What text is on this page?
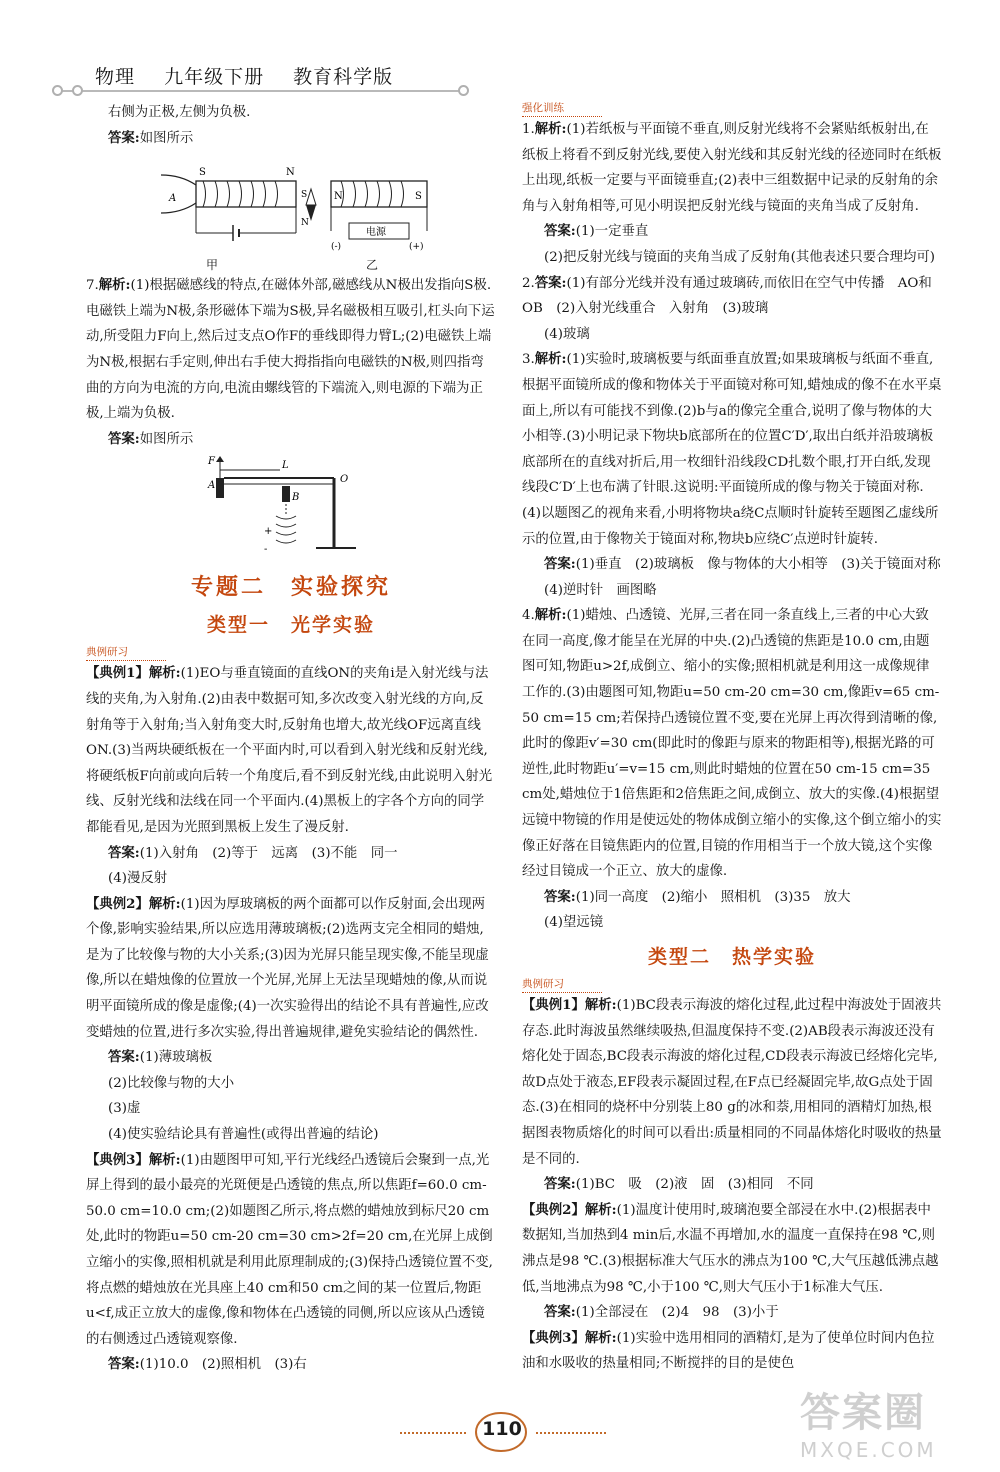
物理 九年级下册 教育科学版

右侧为正极,左侧为负极.

答案:如图所示

S	N
A	S
N
N	S
电源
(-)	(+)
甲	乙

7.解析:(1)根据磁感线的特点,在磁体外部,磁感线从N极出发指向S极.电磁铁上端为N极,条形磁体下端为S极,异名磁极相互吸引,杠头向下运动,所受阻力F向上,然后过支点O作F的垂线即得力臂L;(2)电磁铁上端为N极,根据右手定则,伸出右手使大拇指指向电磁铁的N极,则四指弯曲的方向为电流的方向,电流由螺线管的下端流入,则电源的下端为正极,上端为负极.

答案:如图所示

F
A
L
B
+
-
O
专题二　实验探究
类型一　光学实验
典例研习

【典例1】解析:(1)EO与垂直镜面的直线ON的夹角i是入射光线与法线的夹角,为入射角.(2)由表中数据可知,多次改变入射光线的方向,反射角等于入射角;当入射角变大时,反射角也增大,故光线OF远离直线ON.(3)当两块硬纸板在一个平面内时,可以看到入射光线和反射光线,将硬纸板F向前或向后转一个角度后,看不到反射光线,由此说明入射光线、反射光线和法线在同一个平面内.(4)黑板上的字各个方向的同学都能看见,是因为光照到黑板上发生了漫反射.

答案:(1)入射角　(2)等于　远离　(3)不能　同一

(4)漫反射

【典例2】解析:(1)因为厚玻璃板的两个面都可以作反射面,会出现两个像,影响实验结果,所以应选用薄玻璃板;(2)选两支完全相同的蜡烛,是为了比较像与物的大小关系;(3)因为光屏只能呈现实像,不能呈现虚像,所以在蜡烛像的位置放一个光屏,光屏上无法呈现蜡烛的像,从而说明平面镜所成的像是虚像;(4)一次实验得出的结论不具有普遍性,应改变蜡烛的位置,进行多次实验,得出普遍规律,避免实验结论的偶然性.

答案:(1)薄玻璃板

(2)比较像与物的大小

(3)虚

(4)使实验结论具有普遍性(或得出普遍的结论)

【典例3】解析:(1)由题图甲可知,平行光线经凸透镜后会聚到一点,光屏上得到的最小最亮的光斑便是凸透镜的焦点,所以焦距f=60.0 cm-50.0 cm=10.0 cm;(2)如题图乙所示,将点燃的蜡烛放到标尺20 cm处,此时的物距u=50 cm-20 cm=30 cm>2f=20 cm,在光屏上成倒立缩小的实像,照相机就是利用此原理制成的;(3)保持凸透镜位置不变,将点燃的蜡烛放在光具座上40 cm和50 cm之间的某一位置后,物距u<f,成正立放大的虚像,像和物体在凸透镜的同侧,所以应该从凸透镜的右侧透过凸透镜观察像.

答案:(1)10.0　(2)照相机　(3)右

强化训练

1.解析:(1)若纸板与平面镜不垂直,则反射光线将不会紧贴纸板射出,在纸板上将看不到反射光线,要使入射光线和其反射光线的径迹同时在纸板上出现,纸板一定要与平面镜垂直;(2)表中三组数据中记录的反射角的余角与入射角相等,可见小明误把反射光线与镜面的夹角当成了反射角.

答案:(1)一定垂直

(2)把反射光线与镜面的夹角当成了反射角(其他表述只要合理均可)

2.答案:(1)有部分光线并没有通过玻璃砖,而依旧在空气中传播　AO和OB　(2)入射光线重合　入射角　(3)玻璃

(4)玻璃

3.解析:(1)实验时,玻璃板要与纸面垂直放置;如果玻璃板与纸面不垂直,根据平面镜所成的像和物体关于平面镜对称可知,蜡烛成的像不在水平桌面上,所以有可能找不到像.(2)b与a的像完全重合,说明了像与物体的大小相等.(3)小明记录下物块b底部所在的位置C′D′,取出白纸并沿玻璃板底部所在的直线对折后,用一枚细针沿线段CD扎数个眼,打开白纸,发现线段C′D′上也布满了针眼.这说明:平面镜所成的像与物关于镜面对称.(4)以题图乙的视角来看,小明将物块a绕C点顺时针旋转至题图乙虚线所示的位置,由于像物关于镜面对称,物块b应绕C′点逆时针旋转.

答案:(1)垂直　(2)玻璃板　像与物体的大小相等　(3)关于镜面对称　(4)逆时针　画图略

4.解析:(1)蜡烛、凸透镜、光屏,三者在同一条直线上,三者的中心大致在同一高度,像才能呈在光屏的中央.(2)凸透镜的焦距是10.0 cm,由题图可知,物距u>2f,成倒立、缩小的实像;照相机就是利用这一成像规律工作的.(3)由题图可知,物距u=50 cm-20 cm=30 cm,像距v=65 cm-50 cm=15 cm;若保持凸透镜位置不变,要在光屏上再次得到清晰的像,此时的像距v′=30 cm(即此时的像距与原来的物距相等),根据光路的可逆性,此时物距u′=v=15 cm,则此时蜡烛的位置在50 cm-15 cm=35 cm处,蜡烛位于1倍焦距和2倍焦距之间,成倒立、放大的实像.(4)根据望远镜中物镜的作用是使远处的物体成倒立缩小的实像,这个倒立缩小的实像正好落在目镜焦距内的位置,目镜的作用相当于一个放大镜,这个实像经过目镜成一个正立、放大的虚像.

答案:(1)同一高度　(2)缩小　照相机　(3)35　放大

(4)望远镜

类型二　热学实验
典例研习

【典例1】解析:(1)BC段表示海波的熔化过程,此过程中海波处于固液共存态.此时海波虽然继续吸热,但温度保持不变.(2)AB段表示海波还没有熔化处于固态,BC段表示海波的熔化过程,CD段表示海波已经熔化完毕,故D点处于液态,EF段表示凝固过程,在F点已经凝固完毕,故G点处于固态.(3)在相同的烧杯中分别装上80 g的冰和萘,用相同的酒精灯加热,根据图表物质熔化的时间可以看出:质量相同的不同晶体熔化时吸收的热量是不同的.

答案:(1)BC　吸　(2)液　固　(3)相同　不同

【典例2】解析:(1)温度计使用时,玻璃泡要全部浸在水中.(2)根据表中数据知,当加热到4 min后,水温不再增加,水的温度一直保持在98 ℃,则沸点是98 ℃.(3)根据标准大气压水的沸点为100 ℃,大气压越低沸点越低,当地沸点为98 ℃,小于100 ℃,则大气压小于1标准大气压.

答案:(1)全部浸在　(2)4　98　(3)小于

【典例3】解析:(1)实验中选用相同的酒精灯,是为了使单位时间内色拉油和水吸收的热量相同;不断搅拌的目的是使色

110	答案圈
MXQE.COM
